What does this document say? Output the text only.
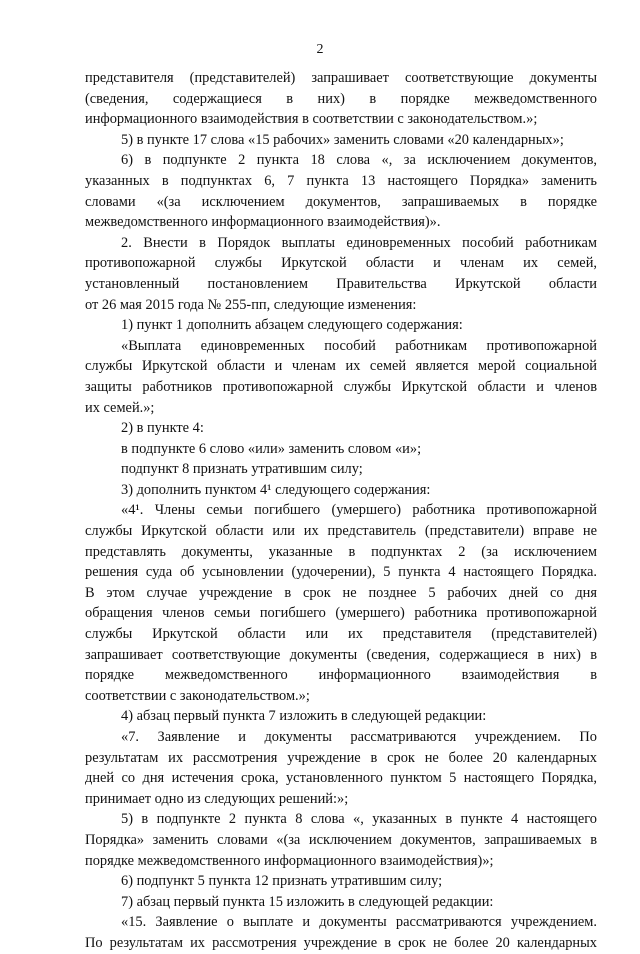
2
представителя (представителей) запрашивает соответствующие документы
(сведения, содержащиеся в них) в порядке межведомственного
информационного взаимодействия в соответствии с законодательством.»;
5) в пункте 17 слова «15 рабочих» заменить словами «20 календарных»;
6) в подпункте 2 пункта 18 слова «, за исключением документов,
указанных в подпунктах 6, 7 пункта 13 настоящего Порядка» заменить
словами «(за исключением документов, запрашиваемых в порядке
межведомственного информационного взаимодействия)».
2. Внести в Порядок выплаты единовременных пособий работникам
противопожарной службы Иркутской области и членам их семей,
установленный постановлением Правительства Иркутской области
от 26 мая 2015 года № 255-пп, следующие изменения:
1) пункт 1 дополнить абзацем следующего содержания:
«Выплата единовременных пособий работникам противопожарной
службы Иркутской области и членам их семей является мерой социальной
защиты работников противопожарной службы Иркутской области и членов
их семей.»;
2) в пункте 4:
в подпункте 6 слово «или» заменить словом «и»;
подпункт 8 признать утратившим силу;
3) дополнить пунктом 4¹ следующего содержания:
«4¹. Члены семьи погибшего (умершего) работника противопожарной
службы Иркутской области или их представитель (представители) вправе не
представлять документы, указанные в подпунктах 2 (за исключением
решения суда об усыновлении (удочерении), 5 пункта 4 настоящего Порядка.
В этом случае учреждение в срок не позднее 5 рабочих дней со дня
обращения членов семьи погибшего (умершего) работника противопожарной
службы Иркутской области или их представителя (представителей)
запрашивает соответствующие документы (сведения, содержащиеся в них) в
порядке межведомственного информационного взаимодействия в
соответствии с законодательством.»;
4) абзац первый пункта 7 изложить в следующей редакции:
«7. Заявление и документы рассматриваются учреждением. По
результатам их рассмотрения учреждение в срок не более 20 календарных
дней со дня истечения срока, установленного пунктом 5 настоящего Порядка,
принимает одно из следующих решений:»;
5) в подпункте 2 пункта 8 слова «, указанных в пункте 4 настоящего
Порядка» заменить словами «(за исключением документов, запрашиваемых в
порядке межведомственного информационного взаимодействия)»;
6) подпункт 5 пункта 12 признать утратившим силу;
7) абзац первый пункта 15 изложить в следующей редакции:
«15. Заявление о выплате и документы рассматриваются учреждением.
По результатам их рассмотрения учреждение в срок не более 20 календарных
